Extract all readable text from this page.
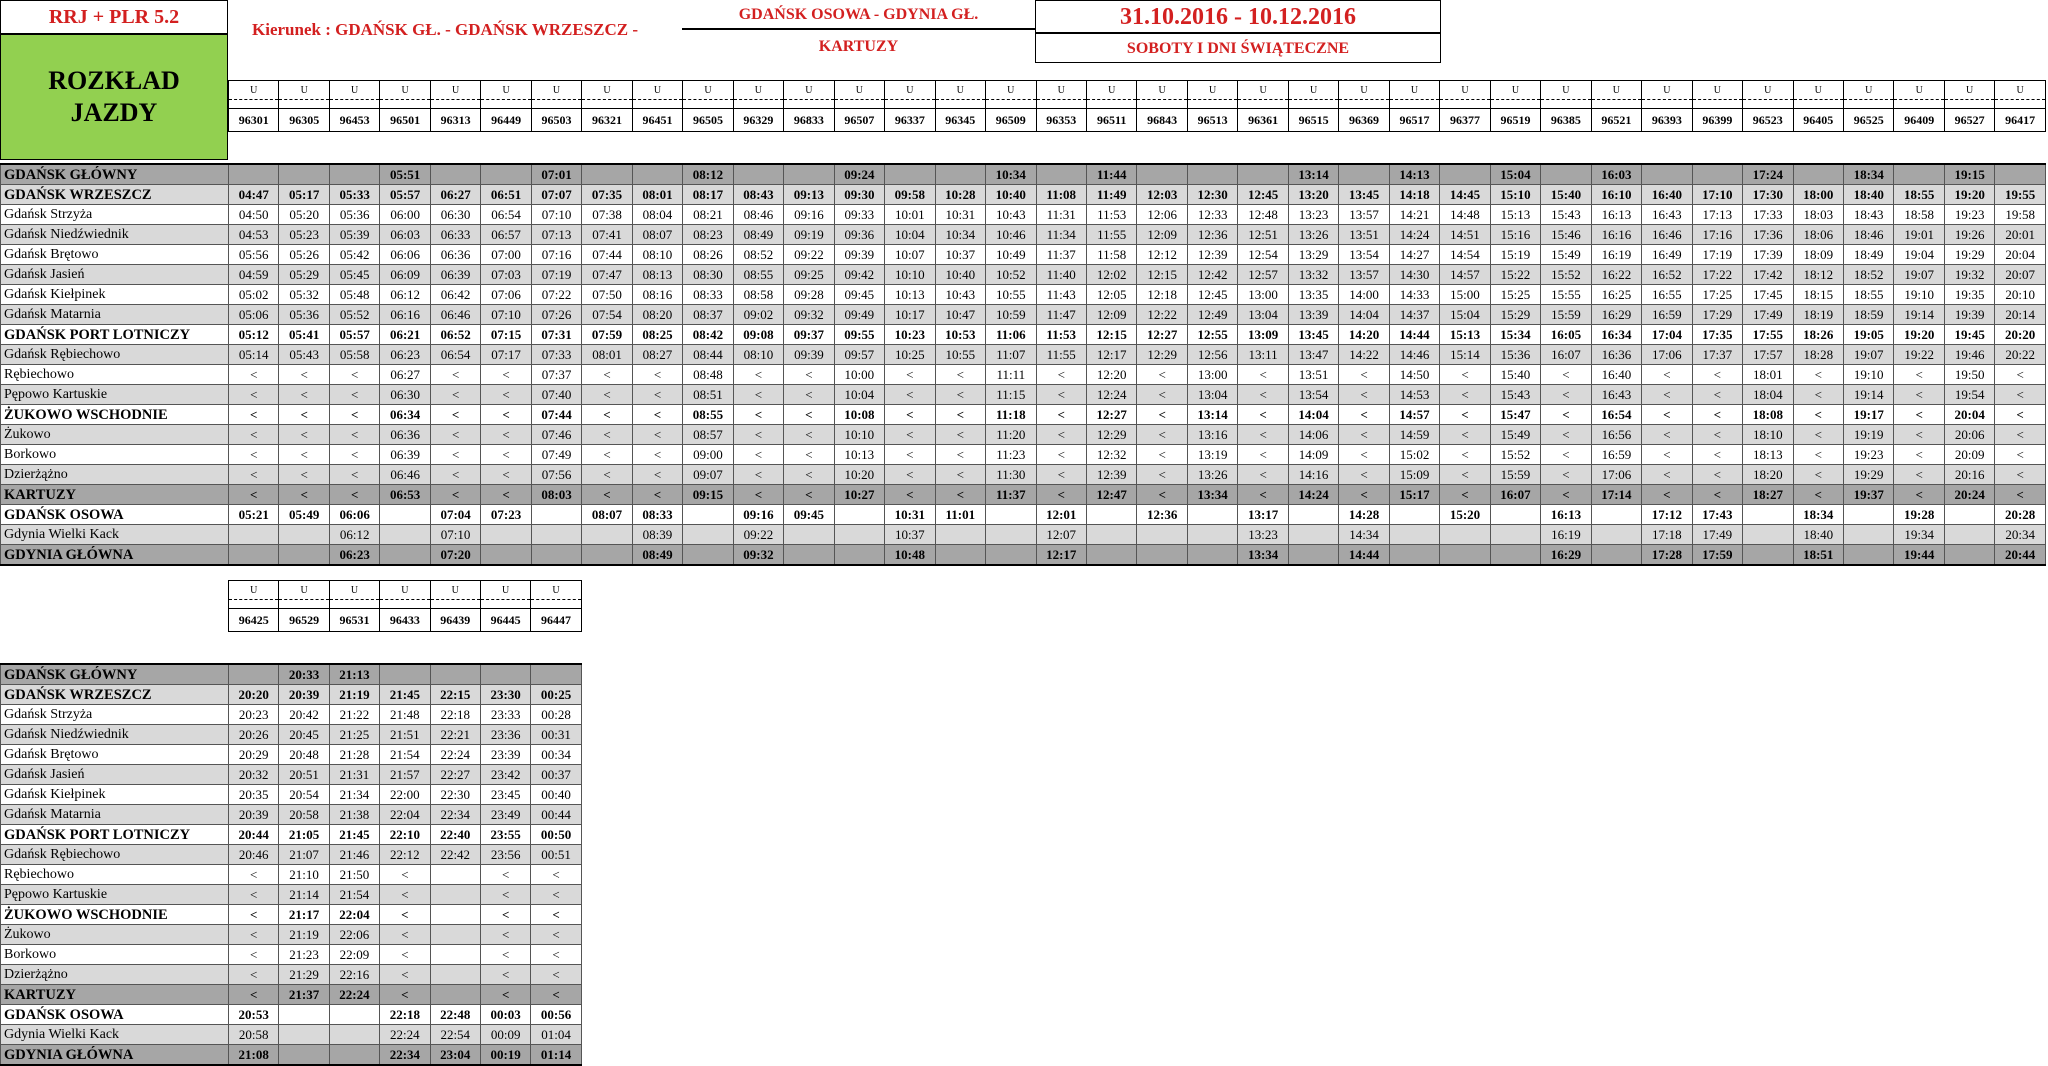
RRJ + PLR 5.2
ROZKŁAD
JAZDY
Kierunek : GDAŃSK GŁ. - GDAŃSK WRZESZCZ -
GDAŃSK OSOWA - GDYNIA GŁ.
KARTUZY
31.10.2016 - 10.12.2016
SOBOTY I DNI ŚWIĄTECZNE
U	U	U	U	U	U	U	U	U	U	U	U	U	U	U	U	U	U	U	U	U	U	U	U	U	U	U	U	U	U	U	U	U	U	U	U

96301	96305	96453	96501	96313	96449	96503	96321	96451	96505	96329	96833	96507	96337	96345	96509	96353	96511	96843	96513	96361	96515	96369	96517	96377	96519	96385	96521	96393	96399	96523	96405	96525	96409	96527	96417
GDAŃSK GŁÓWNY				05:51			07:01			08:12			09:24			10:34		11:44				13:14		14:13		15:04		16:03			17:24		18:34		19:15	
GDAŃSK WRZESZCZ	04:47	05:17	05:33	05:57	06:27	06:51	07:07	07:35	08:01	08:17	08:43	09:13	09:30	09:58	10:28	10:40	11:08	11:49	12:03	12:30	12:45	13:20	13:45	14:18	14:45	15:10	15:40	16:10	16:40	17:10	17:30	18:00	18:40	18:55	19:20	19:55
Gdańsk Strzyża	04:50	05:20	05:36	06:00	06:30	06:54	07:10	07:38	08:04	08:21	08:46	09:16	09:33	10:01	10:31	10:43	11:31	11:53	12:06	12:33	12:48	13:23	13:57	14:21	14:48	15:13	15:43	16:13	16:43	17:13	17:33	18:03	18:43	18:58	19:23	19:58
Gdańsk Niedźwiednik	04:53	05:23	05:39	06:03	06:33	06:57	07:13	07:41	08:07	08:23	08:49	09:19	09:36	10:04	10:34	10:46	11:34	11:55	12:09	12:36	12:51	13:26	13:51	14:24	14:51	15:16	15:46	16:16	16:46	17:16	17:36	18:06	18:46	19:01	19:26	20:01
Gdańsk Brętowo	05:56	05:26	05:42	06:06	06:36	07:00	07:16	07:44	08:10	08:26	08:52	09:22	09:39	10:07	10:37	10:49	11:37	11:58	12:12	12:39	12:54	13:29	13:54	14:27	14:54	15:19	15:49	16:19	16:49	17:19	17:39	18:09	18:49	19:04	19:29	20:04
Gdańsk Jasień	04:59	05:29	05:45	06:09	06:39	07:03	07:19	07:47	08:13	08:30	08:55	09:25	09:42	10:10	10:40	10:52	11:40	12:02	12:15	12:42	12:57	13:32	13:57	14:30	14:57	15:22	15:52	16:22	16:52	17:22	17:42	18:12	18:52	19:07	19:32	20:07
Gdańsk Kiełpinek	05:02	05:32	05:48	06:12	06:42	07:06	07:22	07:50	08:16	08:33	08:58	09:28	09:45	10:13	10:43	10:55	11:43	12:05	12:18	12:45	13:00	13:35	14:00	14:33	15:00	15:25	15:55	16:25	16:55	17:25	17:45	18:15	18:55	19:10	19:35	20:10
Gdańsk Matarnia	05:06	05:36	05:52	06:16	06:46	07:10	07:26	07:54	08:20	08:37	09:02	09:32	09:49	10:17	10:47	10:59	11:47	12:09	12:22	12:49	13:04	13:39	14:04	14:37	15:04	15:29	15:59	16:29	16:59	17:29	17:49	18:19	18:59	19:14	19:39	20:14
GDAŃSK PORT LOTNICZY	05:12	05:41	05:57	06:21	06:52	07:15	07:31	07:59	08:25	08:42	09:08	09:37	09:55	10:23	10:53	11:06	11:53	12:15	12:27	12:55	13:09	13:45	14:20	14:44	15:13	15:34	16:05	16:34	17:04	17:35	17:55	18:26	19:05	19:20	19:45	20:20
Gdańsk Rębiechowo	05:14	05:43	05:58	06:23	06:54	07:17	07:33	08:01	08:27	08:44	08:10	09:39	09:57	10:25	10:55	11:07	11:55	12:17	12:29	12:56	13:11	13:47	14:22	14:46	15:14	15:36	16:07	16:36	17:06	17:37	17:57	18:28	19:07	19:22	19:46	20:22
Rębiechowo	<	<	<	06:27	<	<	07:37	<	<	08:48	<	<	10:00	<	<	11:11	<	12:20	<	13:00	<	13:51	<	14:50	<	15:40	<	16:40	<	<	18:01	<	19:10	<	19:50	<
Pępowo Kartuskie	<	<	<	06:30	<	<	07:40	<	<	08:51	<	<	10:04	<	<	11:15	<	12:24	<	13:04	<	13:54	<	14:53	<	15:43	<	16:43	<	<	18:04	<	19:14	<	19:54	<
ŻUKOWO WSCHODNIE	<	<	<	06:34	<	<	07:44	<	<	08:55	<	<	10:08	<	<	11:18	<	12:27	<	13:14	<	14:04	<	14:57	<	15:47	<	16:54	<	<	18:08	<	19:17	<	20:04	<
Żukowo	<	<	<	06:36	<	<	07:46	<	<	08:57	<	<	10:10	<	<	11:20	<	12:29	<	13:16	<	14:06	<	14:59	<	15:49	<	16:56	<	<	18:10	<	19:19	<	20:06	<
Borkowo	<	<	<	06:39	<	<	07:49	<	<	09:00	<	<	10:13	<	<	11:23	<	12:32	<	13:19	<	14:09	<	15:02	<	15:52	<	16:59	<	<	18:13	<	19:23	<	20:09	<
Dzierżążno	<	<	<	06:46	<	<	07:56	<	<	09:07	<	<	10:20	<	<	11:30	<	12:39	<	13:26	<	14:16	<	15:09	<	15:59	<	17:06	<	<	18:20	<	19:29	<	20:16	<
KARTUZY	<	<	<	06:53	<	<	08:03	<	<	09:15	<	<	10:27	<	<	11:37	<	12:47	<	13:34	<	14:24	<	15:17	<	16:07	<	17:14	<	<	18:27	<	19:37	<	20:24	<
GDAŃSK OSOWA	05:21	05:49	06:06		07:04	07:23		08:07	08:33		09:16	09:45		10:31	11:01		12:01		12:36		13:17		14:28		15:20		16:13		17:12	17:43		18:34		19:28		20:28
Gdynia Wielki Kack			06:12		07:10				08:39		09:22			10:37			12:07				13:23		14:34				16:19		17:18	17:49		18:40		19:34		20:34
GDYNIA GŁÓWNA			06:23		07:20				08:49		09:32			10:48			12:17				13:34		14:44				16:29		17:28	17:59		18:51		19:44		20:44
U	U	U	U	U	U	U

96425	96529	96531	96433	96439	96445	96447
GDAŃSK GŁÓWNY		20:33	21:13				
GDAŃSK WRZESZCZ	20:20	20:39	21:19	21:45	22:15	23:30	00:25
Gdańsk Strzyża	20:23	20:42	21:22	21:48	22:18	23:33	00:28
Gdańsk Niedźwiednik	20:26	20:45	21:25	21:51	22:21	23:36	00:31
Gdańsk Brętowo	20:29	20:48	21:28	21:54	22:24	23:39	00:34
Gdańsk Jasień	20:32	20:51	21:31	21:57	22:27	23:42	00:37
Gdańsk Kiełpinek	20:35	20:54	21:34	22:00	22:30	23:45	00:40
Gdańsk Matarnia	20:39	20:58	21:38	22:04	22:34	23:49	00:44
GDAŃSK PORT LOTNICZY	20:44	21:05	21:45	22:10	22:40	23:55	00:50
Gdańsk Rębiechowo	20:46	21:07	21:46	22:12	22:42	23:56	00:51
Rębiechowo	<	21:10	21:50	<		<	<
Pępowo Kartuskie	<	21:14	21:54	<		<	<
ŻUKOWO WSCHODNIE	<	21:17	22:04	<		<	<
Żukowo	<	21:19	22:06	<		<	<
Borkowo	<	21:23	22:09	<		<	<
Dzierżążno	<	21:29	22:16	<		<	<
KARTUZY	<	21:37	22:24	<		<	<
GDAŃSK OSOWA	20:53			22:18	22:48	00:03	00:56
Gdynia Wielki Kack	20:58			22:24	22:54	00:09	01:04
GDYNIA GŁÓWNA	21:08			22:34	23:04	00:19	01:14
